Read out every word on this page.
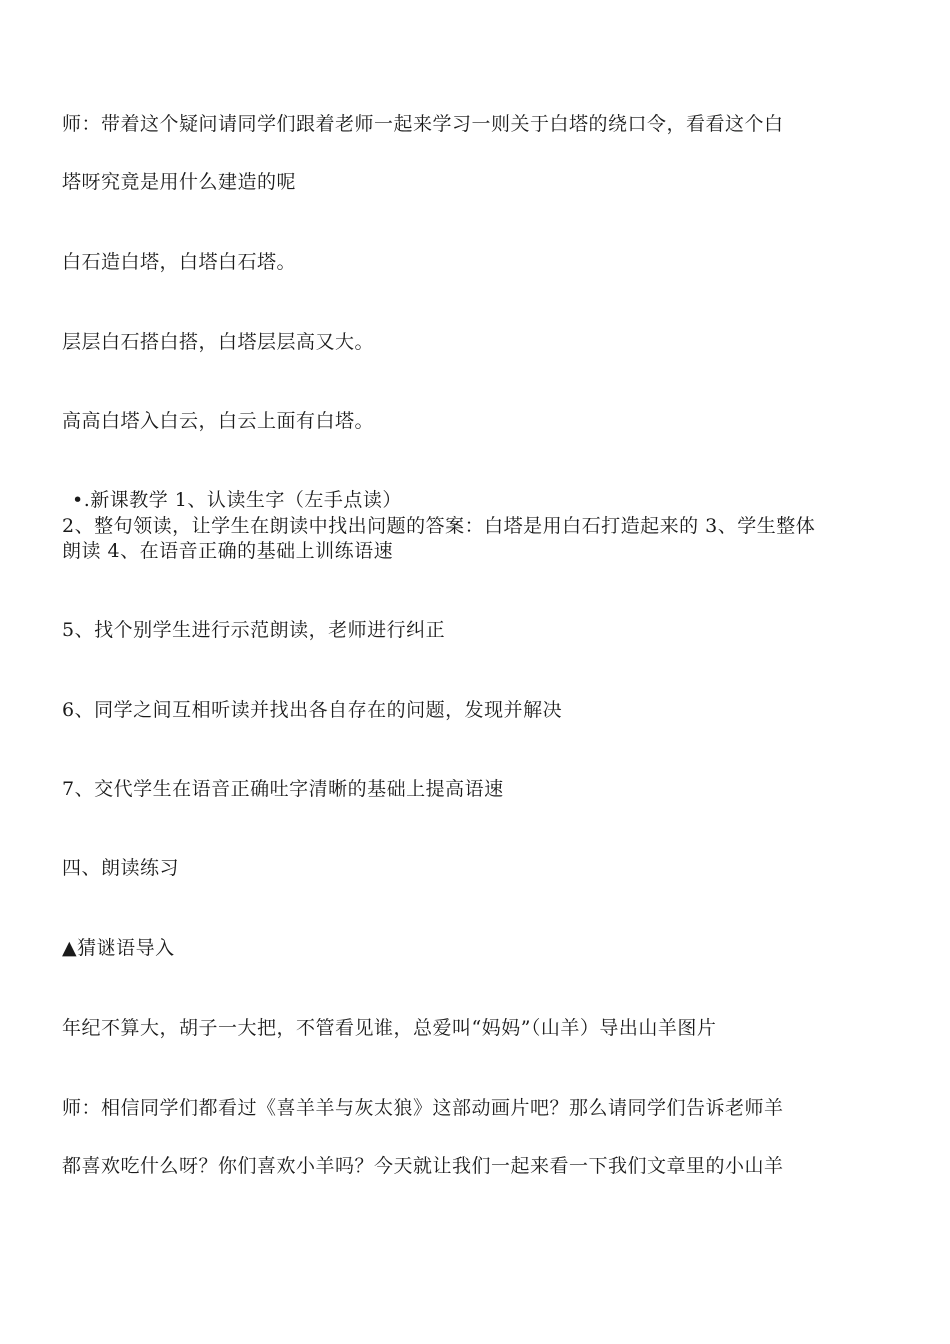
师：带着这个疑问请同学们跟着老师一起来学习一则关于白塔的绕口令，看看这个白
塔呀究竟是用什么建造的呢
白石造白塔，白塔白石塔。
层层白石搭白搭，白塔层层高又大。
高高白塔入白云，白云上面有白塔。
•.新课教学 1、认读生字（左手点读）
2、整句领读，让学生在朗读中找出问题的答案：白塔是用白石打造起来的 3、学生整体
朗读 4、在语音正确的基础上训练语速
5、找个别学生进行示范朗读，老师进行纠正
6、同学之间互相听读并找出各自存在的问题，发现并解决
7、交代学生在语音正确吐字清晰的基础上提高语速
四、朗读练习
▲猜谜语导入
年纪不算大，胡子一大把，不管看见谁，总爱叫“妈妈”（山羊）导出山羊图片
师：相信同学们都看过《喜羊羊与灰太狼》这部动画片吧？那么请同学们告诉老师羊
都喜欢吃什么呀？你们喜欢小羊吗？今天就让我们一起来看一下我们文章里的小山羊
